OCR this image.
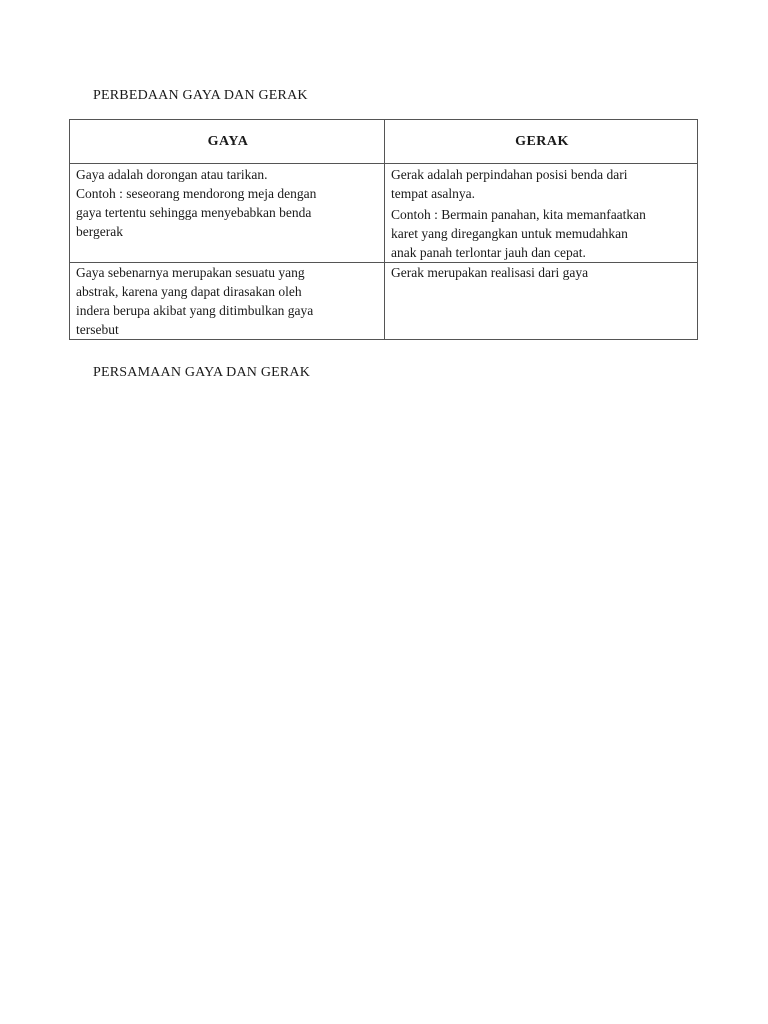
PERBEDAAN GAYA DAN GERAK
GAYA	GERAK

Gaya adalah dorongan atau tarikan.
Contoh : seseorang mendorong meja dengan
gaya tertentu sehingga menyebabkan benda
bergerak	Gerak adalah perpindahan posisi benda dari
tempat asalnya.
Contoh : Bermain panahan, kita memanfaatkan
karet yang diregangkan untuk memudahkan
anak panah terlontar jauh dan cepat.

Gaya sebenarnya merupakan sesuatu yang
abstrak, karena yang dapat dirasakan oleh
indera berupa akibat yang ditimbulkan gaya
tersebut	Gerak merupakan realisasi dari gaya
PERSAMAAN GAYA DAN GERAK
